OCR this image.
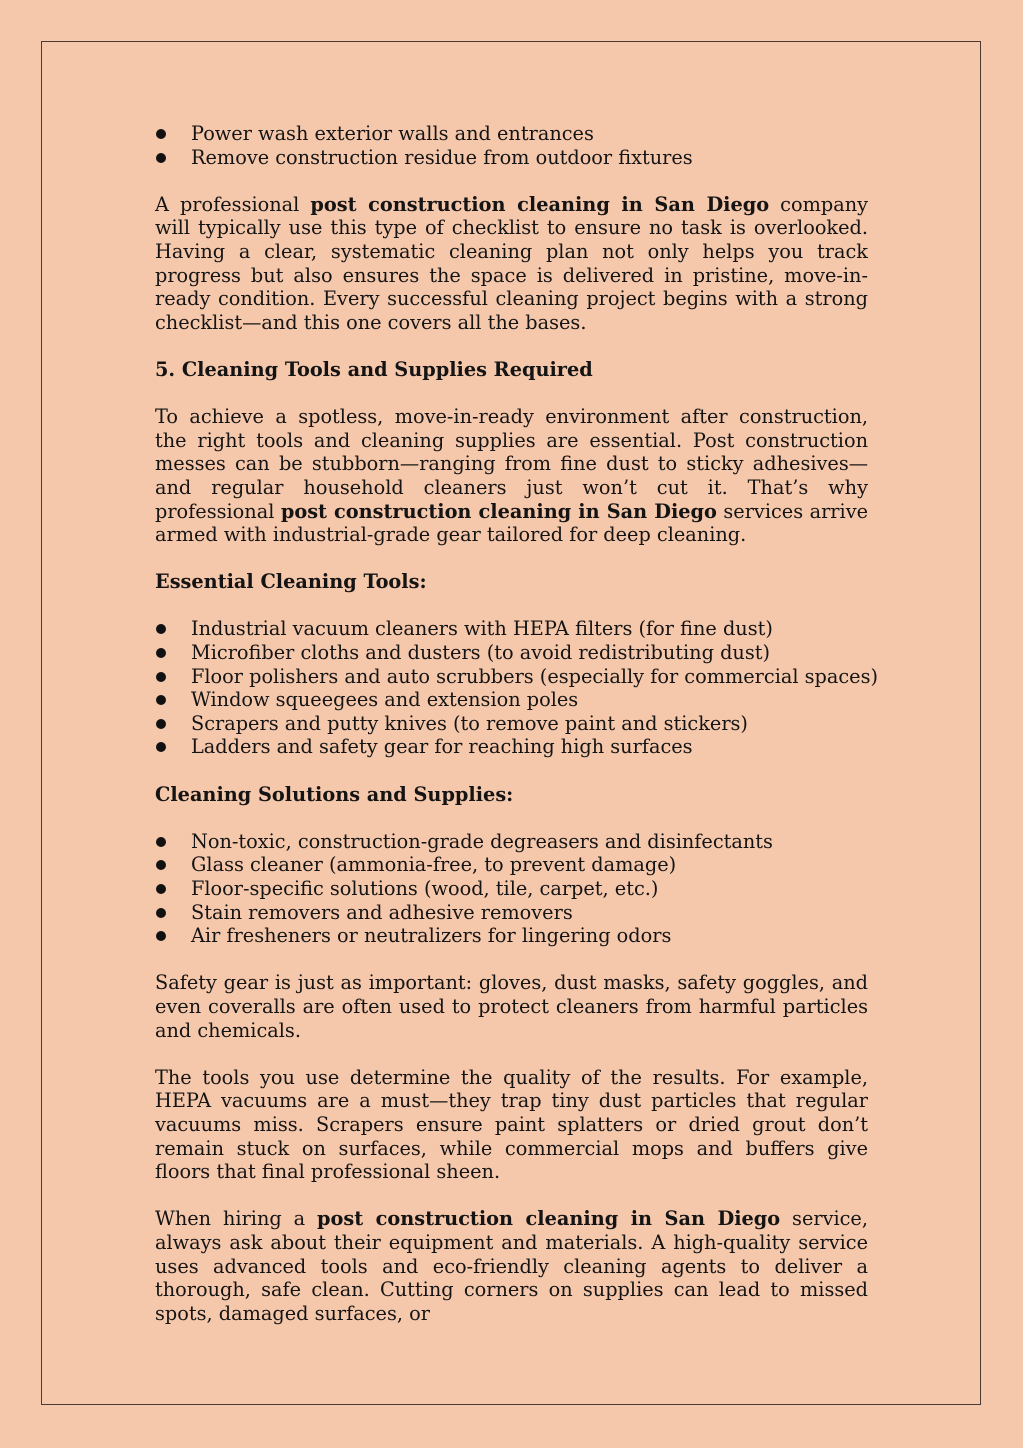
Power wash exterior walls and entrances
Remove construction residue from outdoor fixtures

A professional post construction cleaning in San Diego company will typically use this type of checklist to ensure no task is overlooked. Having a clear, systematic cleaning plan not only helps you track progress but also ensures the space is delivered in pristine, move-in-ready condition. Every successful cleaning project begins with a strong checklist—and this one covers all the bases.

5. Cleaning Tools and Supplies Required

To achieve a spotless, move-in-ready environment after construction, the right tools and cleaning supplies are essential. Post construction messes can be stubborn—ranging from fine dust to sticky adhesives—and regular household cleaners just won’t cut it. That’s why professional post construction cleaning in San Diego services arrive armed with industrial-grade gear tailored for deep cleaning.

Essential Cleaning Tools:
Industrial vacuum cleaners with HEPA filters (for fine dust)
Microfiber cloths and dusters (to avoid redistributing dust)
Floor polishers and auto scrubbers (especially for commercial spaces)
Window squeegees and extension poles
Scrapers and putty knives (to remove paint and stickers)
Ladders and safety gear for reaching high surfaces
Cleaning Solutions and Supplies:
Non-toxic, construction-grade degreasers and disinfectants
Glass cleaner (ammonia-free, to prevent damage)
Floor-specific solutions (wood, tile, carpet, etc.)
Stain removers and adhesive removers
Air fresheners or neutralizers for lingering odors

Safety gear is just as important: gloves, dust masks, safety goggles, and even coveralls are often used to protect cleaners from harmful particles and chemicals.

The tools you use determine the quality of the results. For example, HEPA vacuums are a must—they trap tiny dust particles that regular vacuums miss. Scrapers ensure paint splatters or dried grout don’t remain stuck on surfaces, while commercial mops and buffers give floors that final professional sheen.

When hiring a post construction cleaning in San Diego service, always ask about their equipment and materials. A high-quality service uses advanced tools and eco-friendly cleaning agents to deliver a thorough, safe clean. Cutting corners on supplies can lead to missed spots, damaged surfaces, or
